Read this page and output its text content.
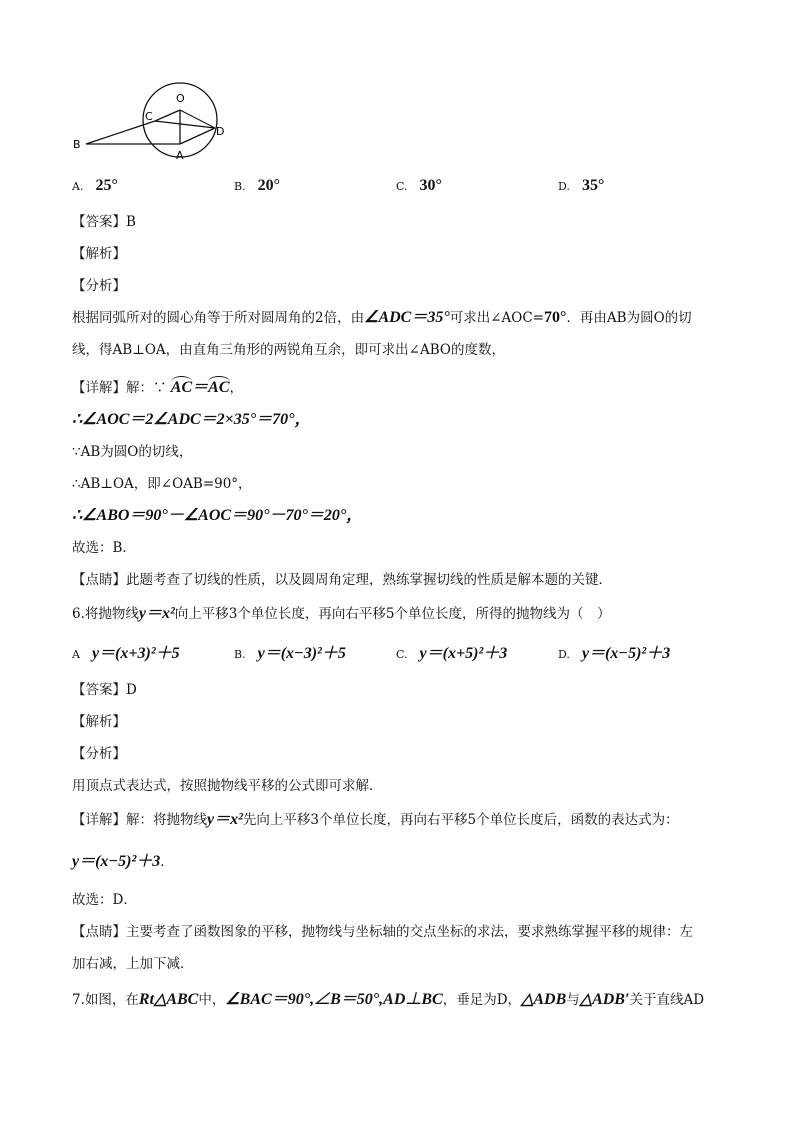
O
C
D
B
A
A. 25°	B. 20°	C. 30°	D. 35°
【答案】B
【解析】
【分析】
根据同弧所对的圆心角等于所对圆周角的2倍，由∠ADC＝35°可求出∠AOC=70°．再由AB为圆O的切
线，得AB⊥OA，由直角三角形的两锐角互余，即可求出∠ABO的度数，
【详解】解：∵ AC＝AC，
∴∠AOC＝2∠ADC＝2×35°＝70°，
∵AB为圆O的切线，
∴AB⊥OA，即∠OAB=90°，
∴∠ABO＝90°－∠AOC＝90°－70°＝20°，
故选：B．
【点睛】此题考查了切线的性质，以及圆周角定理，熟练掌握切线的性质是解本题的关键．
6.将抛物线y＝x²向上平移3个单位长度，再向右平移5个单位长度，所得的抛物线为（　）
A y＝(x+3)²＋5	B. y＝(x−3)²＋5	C. y＝(x+5)²＋3	D. y＝(x−5)²＋3
【答案】D
【解析】
【分析】
用顶点式表达式，按照抛物线平移的公式即可求解．
【详解】解：将抛物线y＝x²先向上平移3个单位长度，再向右平移5个单位长度后，函数的表达式为：
y＝(x−5)²＋3．
故选：D．
【点睛】主要考查了函数图象的平移，抛物线与坐标轴的交点坐标的求法，要求熟练掌握平移的规律：左
加右减，上加下减．
7.如图，在Rt△ABC中，∠BAC＝90°,∠B＝50°,AD⊥BC，垂足为D，△ADB与△ADB′关于直线AD
